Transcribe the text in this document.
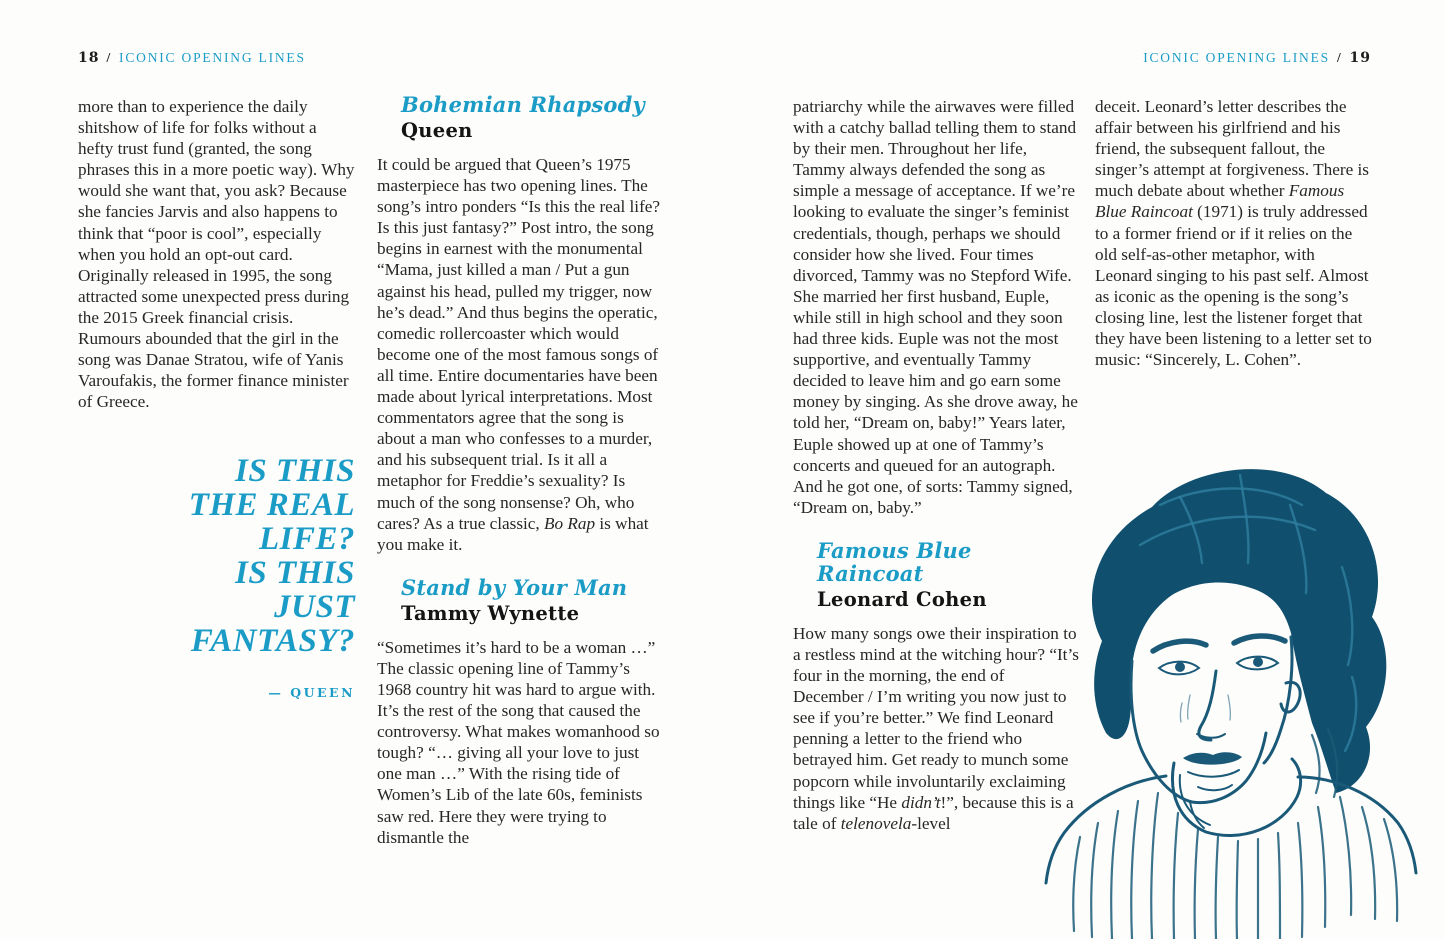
18 / ICONIC OPENING LINES	ICONIC OPENING LINES / 19

more than to experience the daily shitshow of life for folks without a hefty trust fund (granted, the song phrases this in a more poetic way). Why would she want that, you ask? Because she fancies Jarvis and also happens to think that “poor is cool”, especially when you hold an opt-out card. Originally released in 1995, the song attracted some unexpected press during the 2015 Greek financial crisis. Rumours abounded that the girl in the song was Danae Stratou, wife of Yanis Varoufakis, the former finance minister of Greece.

IS THIS
THE REAL
LIFE?
IS THIS
JUST
FANTASY?
— QUEEN
Bohemian Rhapsody
Queen

It could be argued that Queen’s 1975 masterpiece has two opening lines. The song’s intro ponders “Is this the real life? Is this just fantasy?” Post intro, the song begins in earnest with the monumental “Mama, just killed a man / Put a gun against his head, pulled my trigger, now he’s dead.” And thus begins the operatic, comedic rollercoaster which would become one of the most famous songs of all time. Entire documentaries have been made about lyrical interpretations. Most commentators agree that the song is about a man who confesses to a murder, and his subsequent trial. Is it all a metaphor for Freddie’s sexuality? Is much of the song nonsense? Oh, who cares? As a true classic, Bo Rap is what you make it.

Stand by Your Man
Tammy Wynette

“Sometimes it’s hard to be a woman …” The classic opening line of Tammy’s 1968 country hit was hard to argue with. It’s the rest of the song that caused the controversy. What makes womanhood so tough? “… giving all your love to just one man …” With the rising tide of Women’s Lib of the late 60s, feminists saw red. Here they were trying to dismantle the

patriarchy while the airwaves were filled with a catchy ballad telling them to stand by their men. Throughout her life, Tammy always defended the song as simple a message of acceptance. If we’re looking to evaluate the singer’s feminist credentials, though, perhaps we should consider how she lived. Four times divorced, Tammy was no Stepford Wife. She married her first husband, Euple, while still in high school and they soon had three kids. Euple was not the most supportive, and eventually Tammy decided to leave him and go earn some money by singing. As she drove away, he told her, “Dream on, baby!” Years later, Euple showed up at one of Tammy’s concerts and queued for an autograph. And he got one, of sorts: Tammy signed, “Dream on, baby.”

Famous Blue Raincoat
Leonard Cohen

How many songs owe their inspiration to a restless mind at the witching hour? “It’s four in the morning, the end of December / I’m writing you now just to see if you’re better.” We find Leonard penning a letter to the friend who betrayed him. Get ready to munch some popcorn while involuntarily exclaiming things like “He didn’t!”, because this is a tale of telenovela-level

deceit. Leonard’s letter describes the affair between his girlfriend and his friend, the subsequent fallout, the singer’s attempt at forgiveness. There is much debate about whether Famous Blue Raincoat (1971) is truly addressed to a former friend or if it relies on the old self-as-other metaphor, with Leonard singing to his past self. Almost as iconic as the opening is the song’s closing line, lest the listener forget that they have been listening to a letter set to music: “Sincerely, L. Cohen”.
